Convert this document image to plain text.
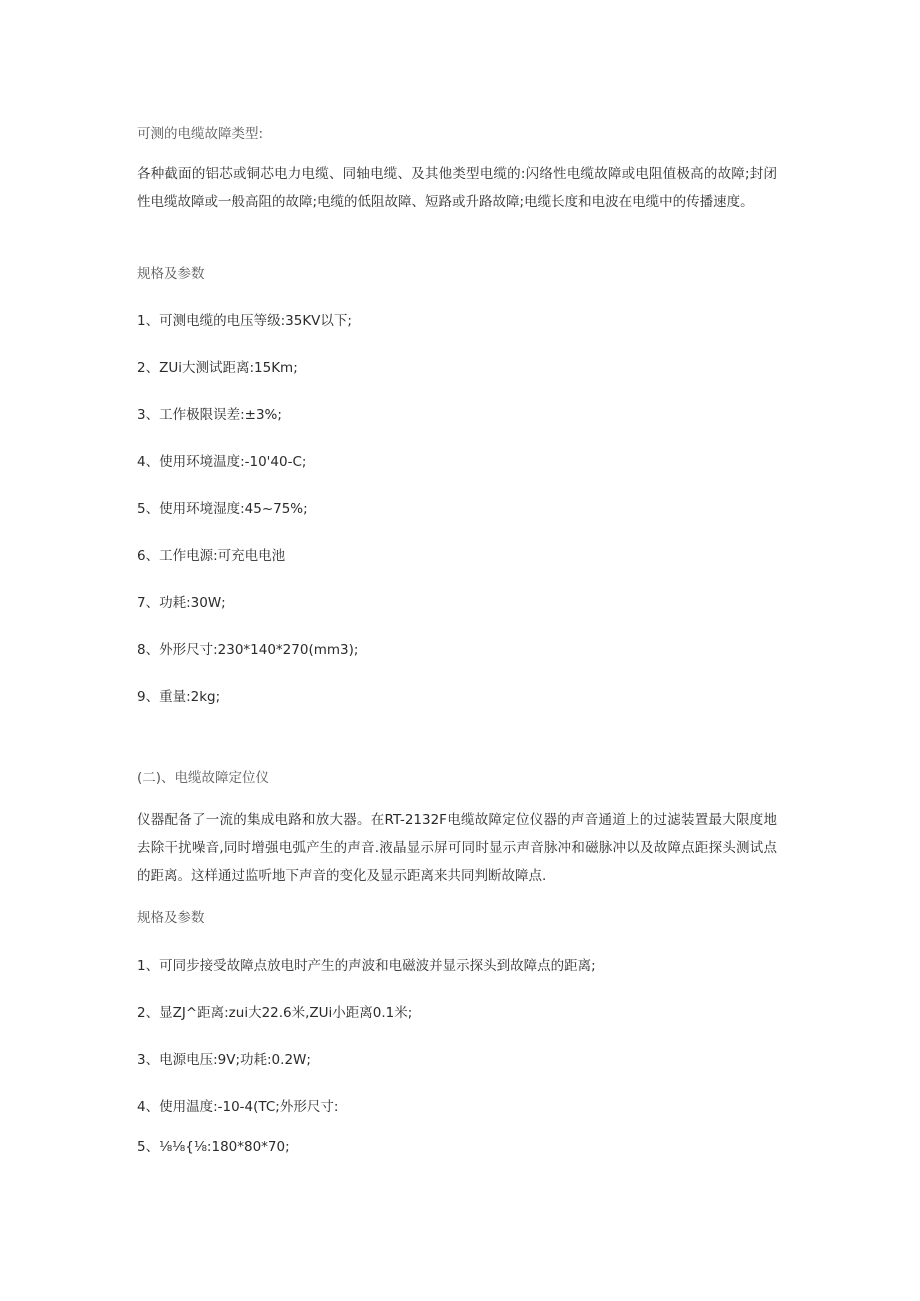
可测的电缆故障类型:

各种截面的铝芯或铜芯电力电缆、同轴电缆、及其他类型电缆的:闪络性电缆故障或电阻值极高的故障;封闭性电缆故障或一般高阻的故障;电缆的低阻故障、短路或升路故障;电缆长度和电波在电缆中的传播速度。

规格及参数

1、可测电缆的电压等级:35KV以下;

2、ZUi大测试距离:15Km;

3、工作极限误差:±3%;

4、使用环境温度:-10'40-C;

5、使用环境湿度:45~75%;

6、工作电源:可充电电池

7、功耗:30W;

8、外形尺寸:230*140*270(mm3);

9、重量:2kg;

(二)、电缆故障定位仪

仪器配备了一流的集成电路和放大器。在RT-2132F电缆故障定位仪器的声音通道上的过滤装置最大限度地去除干扰噪音,同时增强电弧产生的声音.液晶显示屏可同时显示声音脉冲和磁脉冲以及故障点距探头测试点的距离。这样通过监听地下声音的变化及显示距离来共同判断故障点.

规格及参数

1、可同步接受故障点放电时产生的声波和电磁波并显示探头到故障点的距离;

2、显ZJ^距离:zui大22.6米,ZUi小距离0.1米;

3、电源电压:9V;功耗:0.2W;

4、使用温度:-10-4(TC;外形尺寸:

5、⅛⅛{⅛:180*80*70;
